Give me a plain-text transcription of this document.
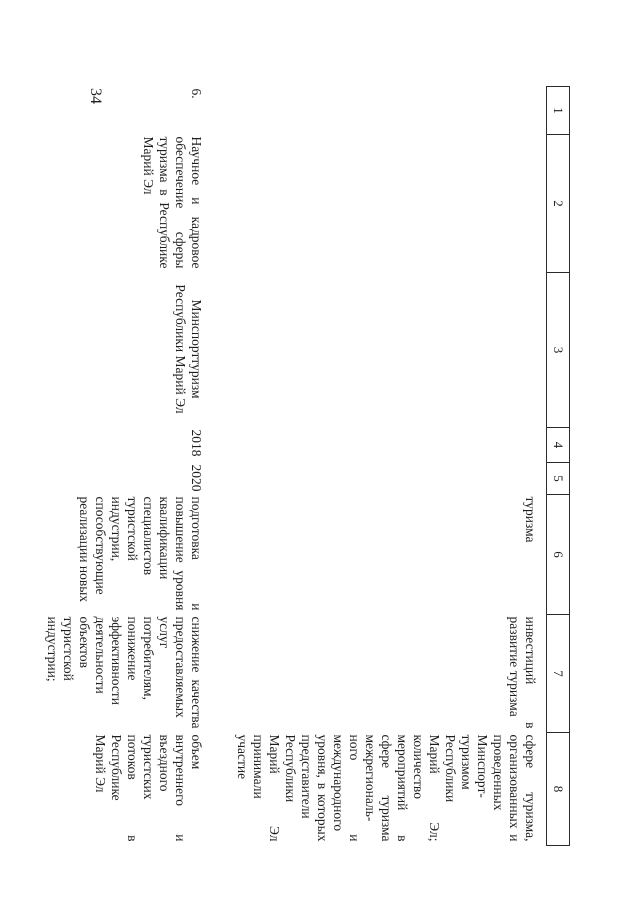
34
1	2	3	4	5	6	7	8

					туризма	инвестиций в развитие туризма	сфере туризма, организованных и проведенных Минспорт-туризмом Республики Марий Эл; количество мероприятий в сфере туризма межрегиональ-ного и международного уровня, в которых представители Республики Марий Эл принимали участие

6.	Научное и кадровое обеспечение сферы туризма в Республике Марий Эл	Минспорттуризм Республики Марий Эл	2018	2020	подготовка и повышение уровня квалификации специалистов туристской индустрии, способствующие реализации новых	снижение качества предоставляемых услуг потребителям, понижение эффективности деятельности объектов туристской индустрии;	объем внутреннего и въездного туристских потоков в Республике Марий Эл
